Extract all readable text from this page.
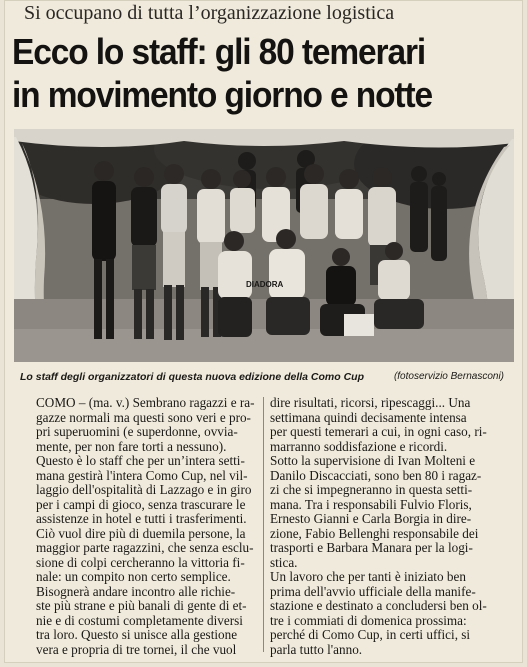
Si occupano di tutta l’organizzazione logistica
Ecco lo staff: gli 80 temerari
in movimento giorno e notte
DIADORA
Lo staff degli organizzatori di questa nuova edizione della Como Cup	(fotoservizio Bernasconi)
COMO – (ma. v.) Sembrano ragazzi e ra-
gazze normali ma questi sono veri e pro-
pri superuomini (e superdonne, ovvia-
mente, per non fare torti a nessuno).
Questo è lo staff che per un’intera setti-
mana gestirà l'intera Como Cup, nel vil-
laggio dell'ospitalità di Lazzago e in giro
per i campi di gioco, senza trascurare le
assistenze in hotel e tutti i trasferimenti.
Ciò vuol dire più di duemila persone, la
maggior parte ragazzini, che senza esclu-
sione di colpi cercheranno la vittoria fi-
nale: un compito non certo semplice.
Bisognerà andare incontro alle richie-
ste più strane e più banali di gente di et-
nie e di costumi completamente diversi
tra loro. Questo si unisce alla gestione
vera e propria di tre tornei, il che vuol
dire risultati, ricorsi, ripescaggi... Una
settimana quindi decisamente intensa
per questi temerari a cui, in ogni caso, ri-
marranno soddisfazione e ricordi.
Sotto la supervisione di Ivan Molteni e
Danilo Discacciati, sono ben 80 i ragaz-
zi che si impegneranno in questa setti-
mana. Tra i responsabili Fulvio Floris,
Ernesto Gianni e Carla Borgia in dire-
zione, Fabio Bellenghi responsabile dei
trasporti e Barbara Manara per la logi-
stica.
Un lavoro che per tanti è iniziato ben
prima dell'avvio ufficiale della manife-
stazione e destinato a concludersi ben ol-
tre i commiati di domenica prossima:
perché di Como Cup, in certi uffici, si
parla tutto l'anno.
